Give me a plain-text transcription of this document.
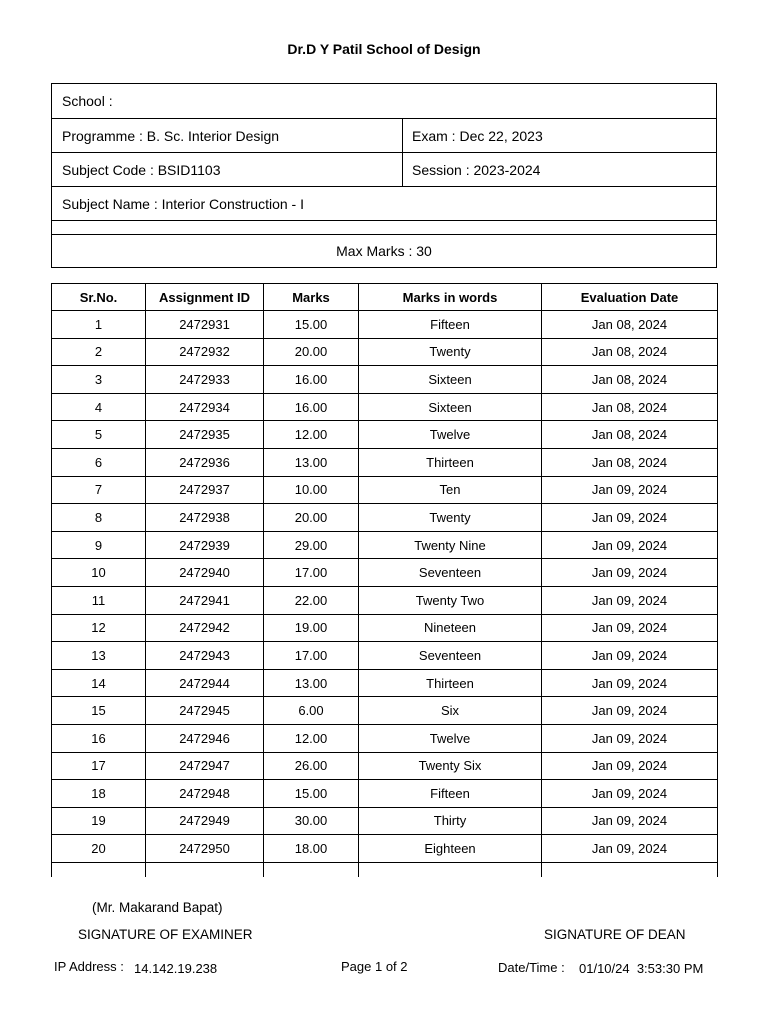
Dr.D Y Patil School of Design
School :
Programme : B. Sc. Interior Design	Exam : Dec 22, 2023
Subject Code : BSID1103	Session : 2023-2024
Subject Name : Interior Construction - I
Max Marks : 30
Sr.No.	Assignment ID	Marks	Marks in words	Evaluation Date
1	2472931	15.00	Fifteen	Jan 08, 2024
2	2472932	20.00	Twenty	Jan 08, 2024
3	2472933	16.00	Sixteen	Jan 08, 2024
4	2472934	16.00	Sixteen	Jan 08, 2024
5	2472935	12.00	Twelve	Jan 08, 2024
6	2472936	13.00	Thirteen	Jan 08, 2024
7	2472937	10.00	Ten	Jan 09, 2024
8	2472938	20.00	Twenty	Jan 09, 2024
9	2472939	29.00	Twenty Nine	Jan 09, 2024
10	2472940	17.00	Seventeen	Jan 09, 2024
11	2472941	22.00	Twenty Two	Jan 09, 2024
12	2472942	19.00	Nineteen	Jan 09, 2024
13	2472943	17.00	Seventeen	Jan 09, 2024
14	2472944	13.00	Thirteen	Jan 09, 2024
15	2472945	6.00	Six	Jan 09, 2024
16	2472946	12.00	Twelve	Jan 09, 2024
17	2472947	26.00	Twenty Six	Jan 09, 2024
18	2472948	15.00	Fifteen	Jan 09, 2024
19	2472949	30.00	Thirty	Jan 09, 2024
20	2472950	18.00	Eighteen	Jan 09, 2024

(Mr. Makarand Bapat)
SIGNATURE OF EXAMINER	SIGNATURE OF DEAN
IP Address : 14.142.19.238	Page 1 of 2	Date/Time : 01/10/24  3:53:30 PM
